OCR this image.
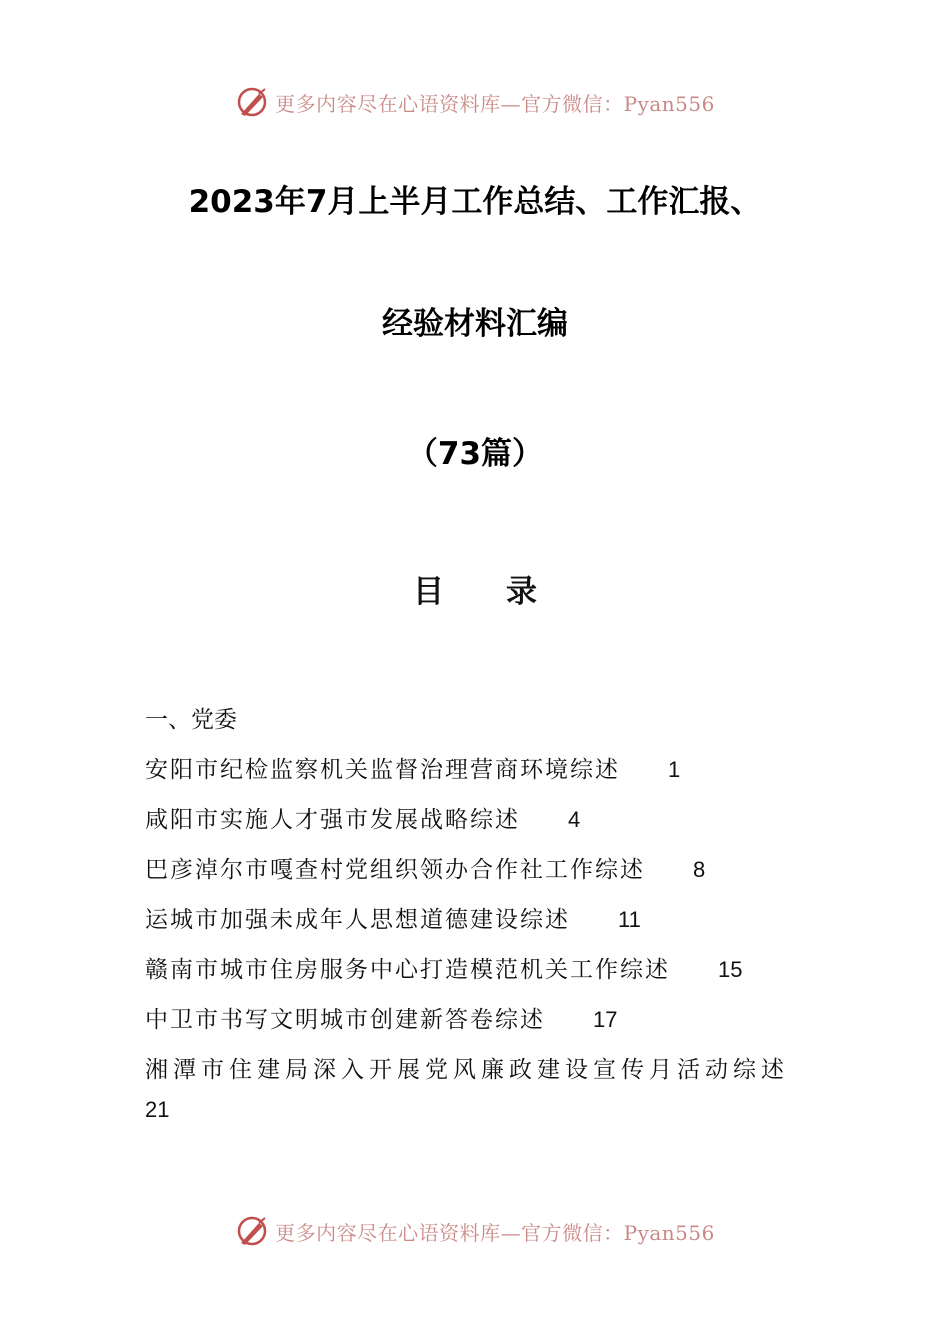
更多内容尽在心语资料库—官方微信：Pyan556
2023年7月上半月工作总结、工作汇报、
经验材料汇编
（73篇）
目录
一、党委
安阳市纪检监察机关监督治理营商环境综述 1
咸阳市实施人才强市发展战略综述 4
巴彦淖尔市嘎查村党组织领办合作社工作综述 8
运城市加强未成年人思想道德建设综述 11
赣南市城市住房服务中心打造模范机关工作综述 15
中卫市书写文明城市创建新答卷综述 17
湘潭市住建局深入开展党风廉政建设宣传月活动综述
21
更多内容尽在心语资料库—官方微信：Pyan556
